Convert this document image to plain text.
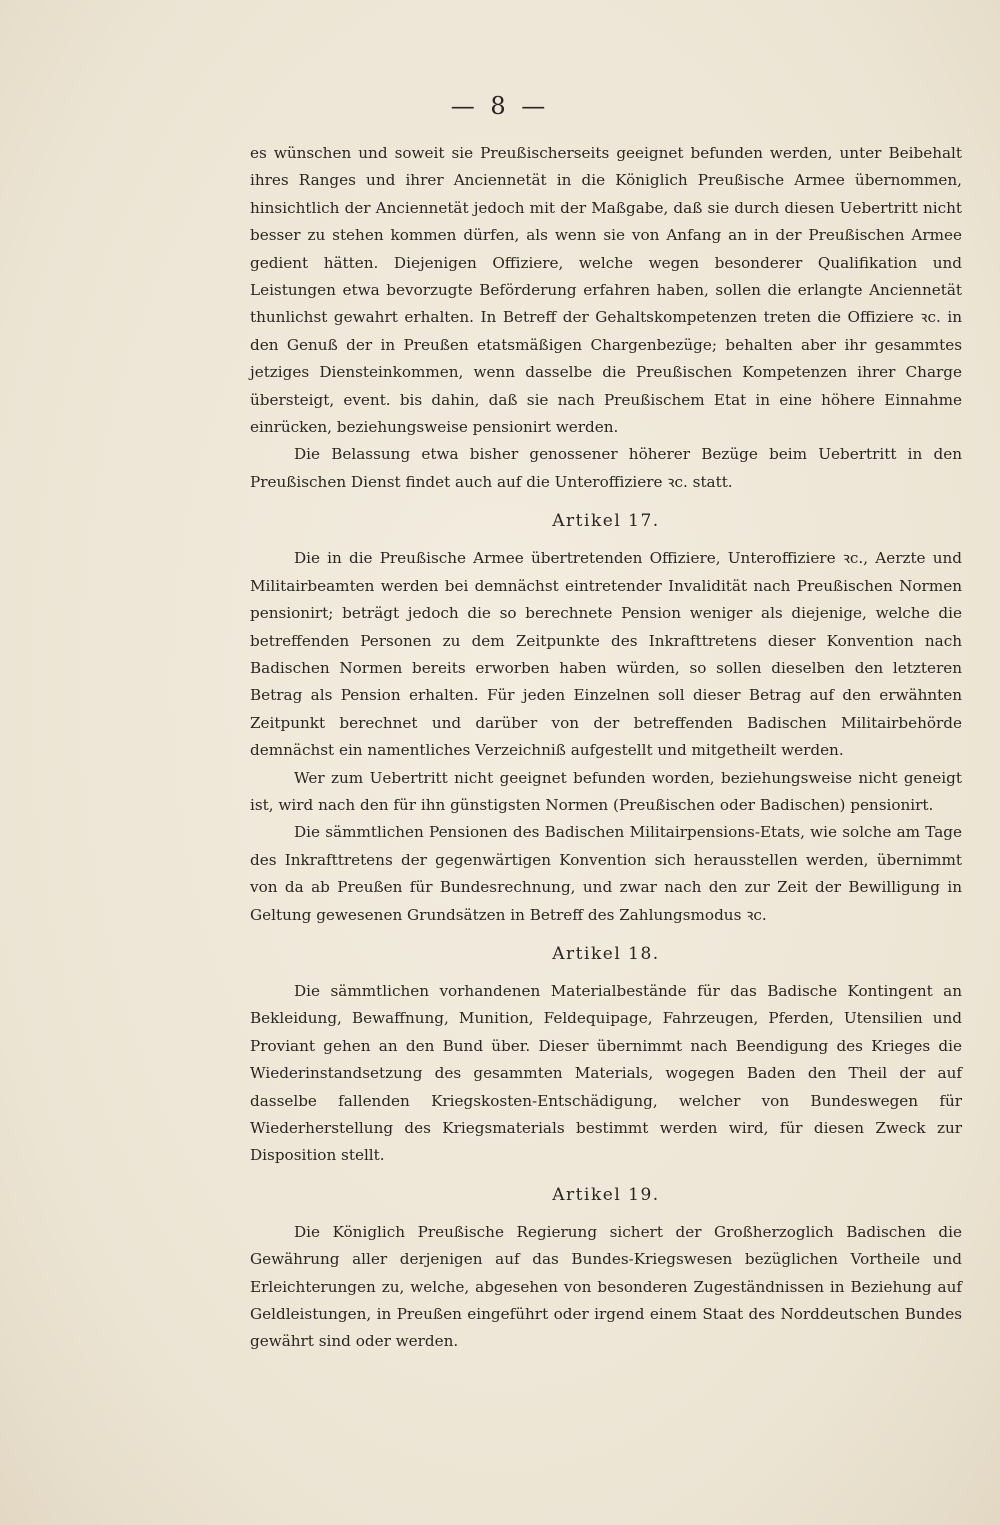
— 8 —

es wünschen und soweit sie Preußischerseits geeignet befunden werden, unter Beibehalt ihres Ranges und ihrer Anciennetät in die Königlich Preußische Armee übernommen, hinsichtlich der Anciennetät jedoch mit der Maßgabe, daß sie durch diesen Uebertritt nicht besser zu stehen kommen dürfen, als wenn sie von Anfang an in der Preußischen Armee gedient hätten. Diejenigen Offiziere, welche wegen besonderer Qualifikation und Leistungen etwa bevorzugte Beförderung erfahren haben, sollen die erlangte Anciennetät thunlichst gewahrt erhalten. In Betreff der Gehaltskompetenzen treten die Offiziere ꝛc. in den Genuß der in Preußen etatsmäßigen Chargenbezüge; behalten aber ihr gesammtes jetziges Diensteinkommen, wenn dasselbe die Preußischen Kompetenzen ihrer Charge übersteigt, event. bis dahin, daß sie nach Preußischem Etat in eine höhere Einnahme einrücken, beziehungsweise pensionirt werden.

Die Belassung etwa bisher genossener höherer Bezüge beim Uebertritt in den Preußischen Dienst findet auch auf die Unteroffiziere ꝛc. statt.

Artikel 17.

Die in die Preußische Armee übertretenden Offiziere, Unteroffiziere ꝛc., Aerzte und Militairbeamten werden bei demnächst eintretender Invalidität nach Preußischen Normen pensionirt; beträgt jedoch die so berechnete Pension weniger als diejenige, welche die betreffenden Personen zu dem Zeitpunkte des Inkrafttretens dieser Konvention nach Badischen Normen bereits erworben haben würden, so sollen dieselben den letzteren Betrag als Pension erhalten. Für jeden Einzelnen soll dieser Betrag auf den erwähnten Zeitpunkt berechnet und darüber von der betreffenden Badischen Militairbehörde demnächst ein namentliches Verzeichniß aufgestellt und mitgetheilt werden.

Wer zum Uebertritt nicht geeignet befunden worden, beziehungsweise nicht geneigt ist, wird nach den für ihn günstigsten Normen (Preußischen oder Badischen) pensionirt.

Die sämmtlichen Pensionen des Badischen Militairpensions-Etats, wie solche am Tage des Inkrafttretens der gegenwärtigen Konvention sich herausstellen werden, übernimmt von da ab Preußen für Bundesrechnung, und zwar nach den zur Zeit der Bewilligung in Geltung gewesenen Grundsätzen in Betreff des Zahlungsmodus ꝛc.

Artikel 18.

Die sämmtlichen vorhandenen Materialbestände für das Badische Kontingent an Bekleidung, Bewaffnung, Munition, Feldequipage, Fahrzeugen, Pferden, Utensilien und Proviant gehen an den Bund über. Dieser übernimmt nach Beendigung des Krieges die Wiederinstandsetzung des gesammten Materials, wogegen Baden den Theil der auf dasselbe fallenden Kriegskosten-Entschädigung, welcher von Bundeswegen für Wiederherstellung des Kriegsmaterials bestimmt werden wird, für diesen Zweck zur Disposition stellt.

Artikel 19.

Die Königlich Preußische Regierung sichert der Großherzoglich Badischen die Gewährung aller derjenigen auf das Bundes-Kriegswesen bezüglichen Vortheile und Erleichterungen zu, welche, abgesehen von besonderen Zugeständnissen in Beziehung auf Geldleistungen, in Preußen eingeführt oder irgend einem Staat des Norddeutschen Bundes gewährt sind oder werden.
